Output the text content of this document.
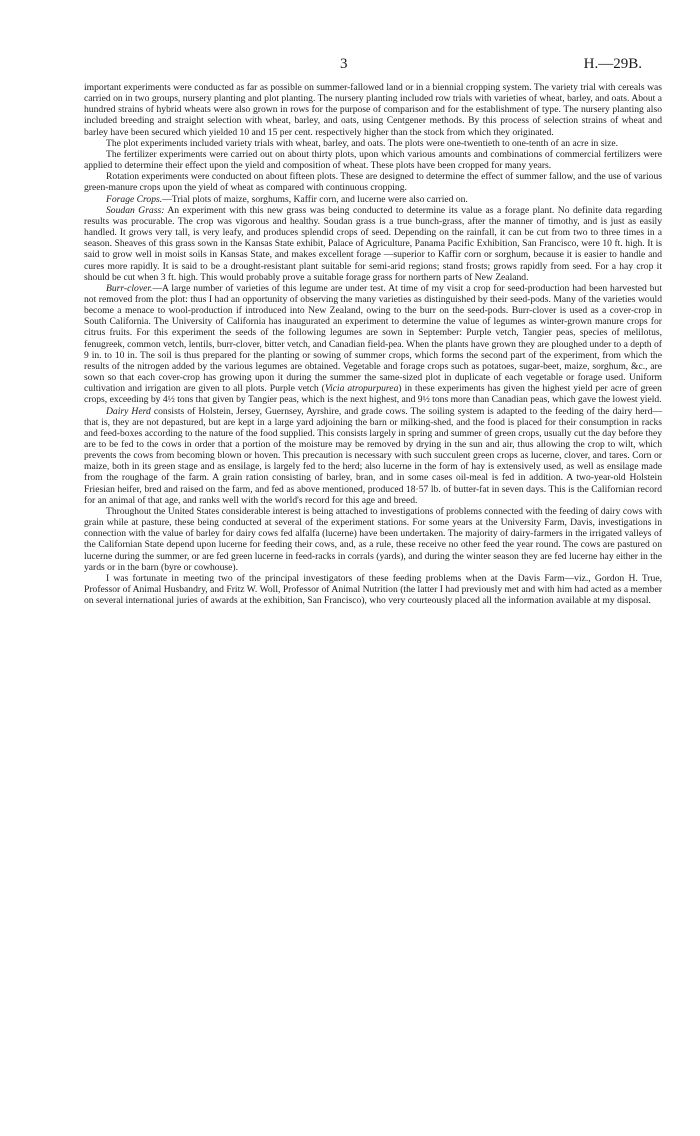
3	H.—29B.

important experiments were conducted as far as possible on summer-fallowed land or in a biennial cropping system. The variety trial with cereals was carried on in two groups, nursery planting and plot planting. The nursery planting included row trials with varieties of wheat, barley, and oats. About a hundred strains of hybrid wheats were also grown in rows for the purpose of comparison and for the establishment of type. The nursery planting also included breeding and straight selection with wheat, barley, and oats, using Centgener methods. By this process of selection strains of wheat and barley have been secured which yielded 10 and 15 per cent. respectively higher than the stock from which they originated.

The plot experiments included variety trials with wheat, barley, and oats. The plots were one-twentieth to one-tenth of an acre in size.

The fertilizer experiments were carried out on about thirty plots, upon which various amounts and combinations of commercial fertilizers were applied to determine their effect upon the yield and composition of wheat. These plots have been cropped for many years.

Rotation experiments were conducted on about fifteen plots. These are designed to determine the effect of summer fallow, and the use of various green-manure crops upon the yield of wheat as compared with continuous cropping.

Forage Crops.—Trial plots of maize, sorghums, Kaffir corn, and lucerne were also carried on.

Soudan Grass: An experiment with this new grass was being conducted to determine its value as a forage plant. No definite data regarding results was procurable. The crop was vigorous and healthy. Soudan grass is a true bunch-grass, after the manner of timothy, and is just as easily handled. It grows very tall, is very leafy, and produces splendid crops of seed. Depending on the rainfall, it can be cut from two to three times in a season. Sheaves of this grass sown in the Kansas State exhibit, Palace of Agriculture, Panama Pacific Exhibition, San Francisco, were 10 ft. high. It is said to grow well in moist soils in Kansas State, and makes excellent forage —superior to Kaffir corn or sorghum, because it is easier to handle and cures more rapidly. It is said to be a drought-resistant plant suitable for semi-arid regions; stand frosts; grows rapidly from seed. For a hay crop it should be cut when 3 ft. high. This would probably prove a suitable forage grass for northern parts of New Zealand.

Burr-clover.—A large number of varieties of this legume are under test. At time of my visit a crop for seed-production had been harvested but not removed from the plot: thus I had an opportunity of observing the many varieties as distinguished by their seed-pods. Many of the varieties would become a menace to wool-production if introduced into New Zealand, owing to the burr on the seed-pods. Burr-clover is used as a cover-crop in South California. The University of California has inaugurated an experiment to determine the value of legumes as winter-grown manure crops for citrus fruits. For this experiment the seeds of the following legumes are sown in September: Purple vetch, Tangier peas, species of melilotus, fenugreek, common vetch, lentils, burr-clover, bitter vetch, and Canadian field-pea. When the plants have grown they are ploughed under to a depth of 9 in. to 10 in. The soil is thus prepared for the planting or sowing of summer crops, which forms the second part of the experiment, from which the results of the nitrogen added by the various legumes are obtained. Vegetable and forage crops such as potatoes, sugar-beet, maize, sorghum, &c., are sown so that each cover-crop has growing upon it during the summer the same-sized plot in duplicate of each vegetable or forage used. Uniform cultivation and irrigation are given to all plots. Purple vetch (Vicia atropurpurea) in these experiments has given the highest yield per acre of green crops, exceeding by 4½ tons that given by Tangier peas, which is the next highest, and 9½ tons more than Canadian peas, which gave the lowest yield.

Dairy Herd consists of Holstein, Jersey, Guernsey, Ayrshire, and grade cows. The soiling system is adapted to the feeding of the dairy herd—that is, they are not depastured, but are kept in a large yard adjoining the barn or milking-shed, and the food is placed for their consumption in racks and feed-boxes according to the nature of the food supplied. This consists largely in spring and summer of green crops, usually cut the day before they are to be fed to the cows in order that a portion of the moisture may be removed by drying in the sun and air, thus allowing the crop to wilt, which prevents the cows from becoming blown or hoven. This precaution is necessary with such succulent green crops as lucerne, clover, and tares. Corn or maize, both in its green stage and as ensilage, is largely fed to the herd; also lucerne in the form of hay is extensively used, as well as ensilage made from the roughage of the farm. A grain ration consisting of barley, bran, and in some cases oil-meal is fed in addition. A two-year-old Holstein Friesian heifer, bred and raised on the farm, and fed as above mentioned, produced 18·57 lb. of butter-fat in seven days. This is the Californian record for an animal of that age, and ranks well with the world's record for this age and breed.

Throughout the United States considerable interest is being attached to investigations of problems connected with the feeding of dairy cows with grain while at pasture, these being conducted at several of the experiment stations. For some years at the University Farm, Davis, investigations in connection with the value of barley for dairy cows fed alfalfa (lucerne) have been undertaken. The majority of dairy-farmers in the irrigated valleys of the Californian State depend upon lucerne for feeding their cows, and, as a rule, these receive no other feed the year round. The cows are pastured on lucerne during the summer, or are fed green lucerne in feed-racks in corrals (yards), and during the winter season they are fed lucerne hay either in the yards or in the barn (byre or cowhouse).

I was fortunate in meeting two of the principal investigators of these feeding problems when at the Davis Farm—viz., Gordon H. True, Professor of Animal Husbandry, and Fritz W. Woll, Professor of Animal Nutrition (the latter I had previously met and with him had acted as a member on several international juries of awards at the exhibition, San Francisco), who very courteously placed all the information available at my disposal.
